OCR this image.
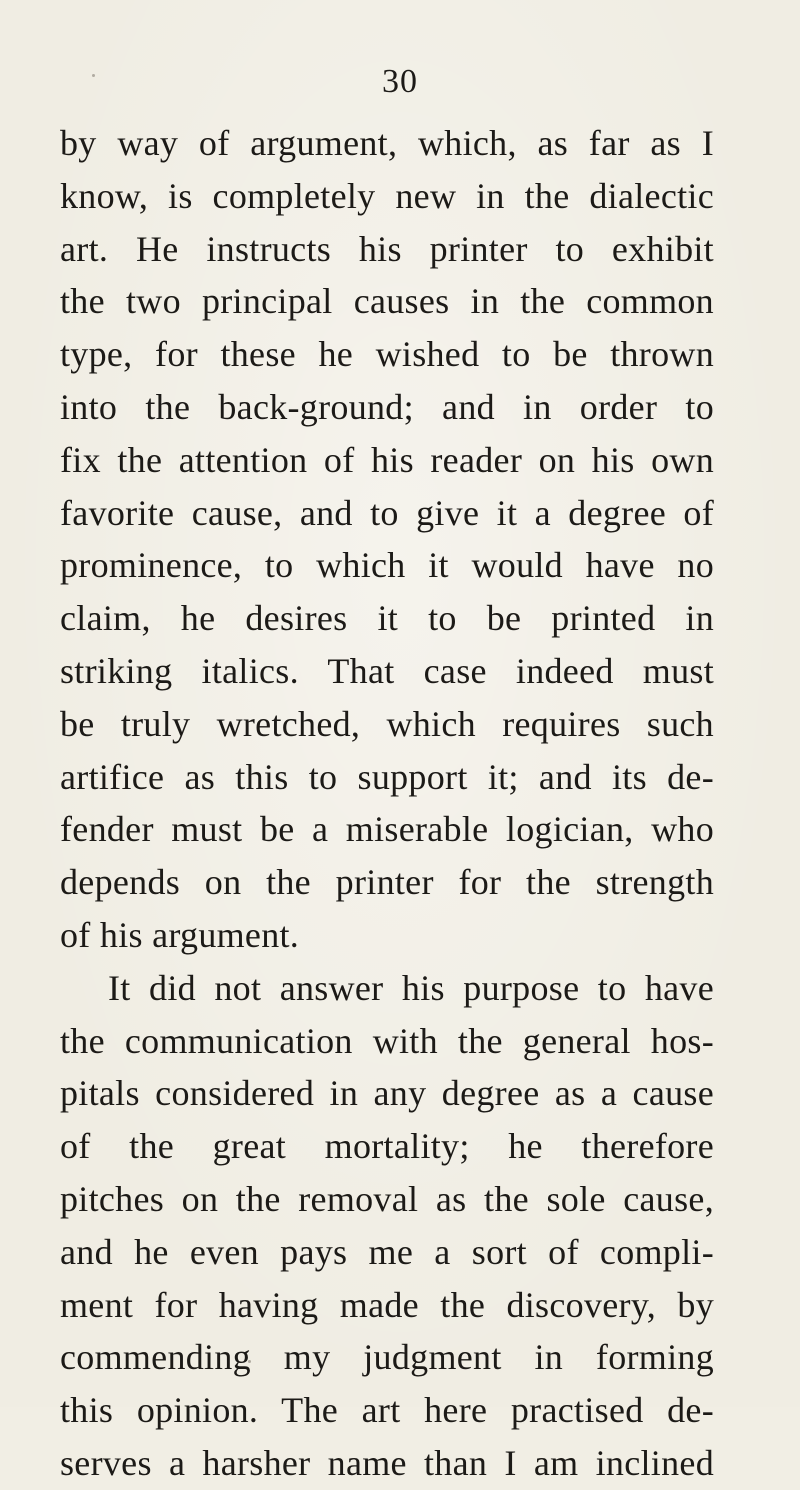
30
by way of argument, which, as far as I
know, is completely new in the dialectic
art. He instructs his printer to exhibit
the two principal causes in the common
type, for these he wished to be thrown
into the back-ground; and in order to
fix the attention of his reader on his own
favorite cause, and to give it a degree of
prominence, to which it would have no
claim, he desires it to be printed in
striking italics. That case indeed must
be truly wretched, which requires such
artifice as this to support it; and its de-
fender must be a miserable logician, who
depends on the printer for the strength
of his argument.
It did not answer his purpose to have
the communication with the general hos-
pitals considered in any degree as a cause
of the great mortality; he therefore
pitches on the removal as the sole cause,
and he even pays me a sort of compli-
ment for having made the discovery, by
commending my judgment in forming
this opinion. The art here practised de-
serves a harsher name than I am inclined
